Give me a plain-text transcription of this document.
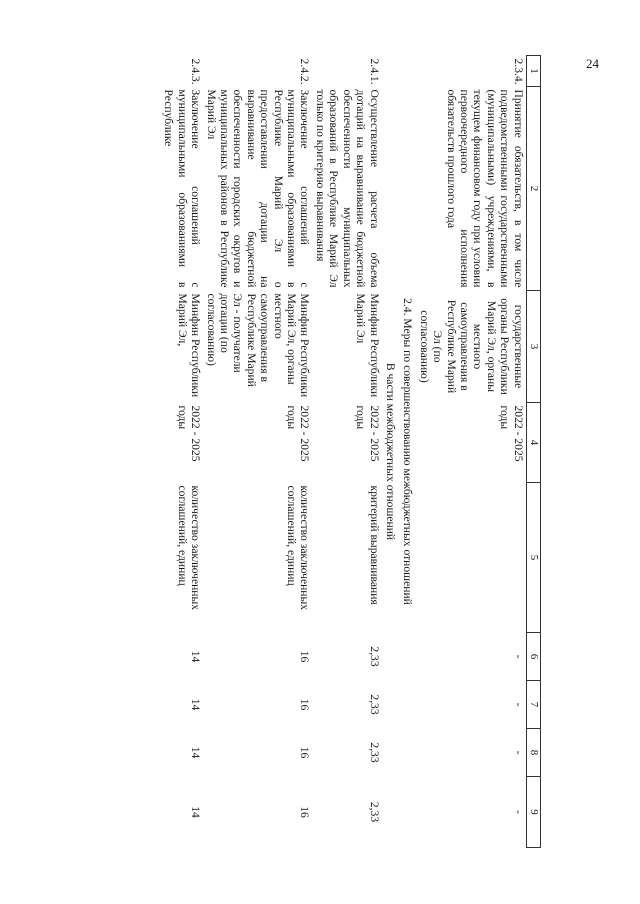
24
1	2	3	4	5	6	7	8	9
2.3.4.	Принятие обязательств, в том числе подведомственными государственными (муниципальными) учреждениями, в текущем финансовом году при условии первоочередного исполнения обязательств прошлого года	государственные органы Республики Марий Эл, органы местного самоуправления в Республике Марий Эл (по согласованию)	2022 - 2025 годы		-	-	-	-
2.4. Меры по совершенствованию межбюджетных отношений								
В части межбюджетных отношений								
2.4.1.	Осуществление расчета объема дотаций на выравнивание бюджетной обеспеченности муниципальных образований в Республике Марий Эл только по критерию выравнивания	Минфин Республики Марий Эл	2022 - 2025 годы	критерий выравнивания	2,33	2,33	2,33	2,33
2.4.2.	Заключение соглашений с муниципальными образованиями в Республике Марий Эл о предоставлении дотации на выравнивание бюджетной обеспеченности городских округов и муниципальных районов в Республике Марий Эл	Минфин Республики Марий Эл, органы местного самоуправления в Республике Марий Эл - получатели дотации (по согласованию)	2022 - 2025 годы	количество заключенных соглашений, единиц	16	16	16	16
2.4.3.	Заключение соглашений с муниципальными образованиями в Республике	Минфин Республики Марий Эл,	2022 - 2025 годы	количество заключенных соглашений, единиц	14	14	14	14
